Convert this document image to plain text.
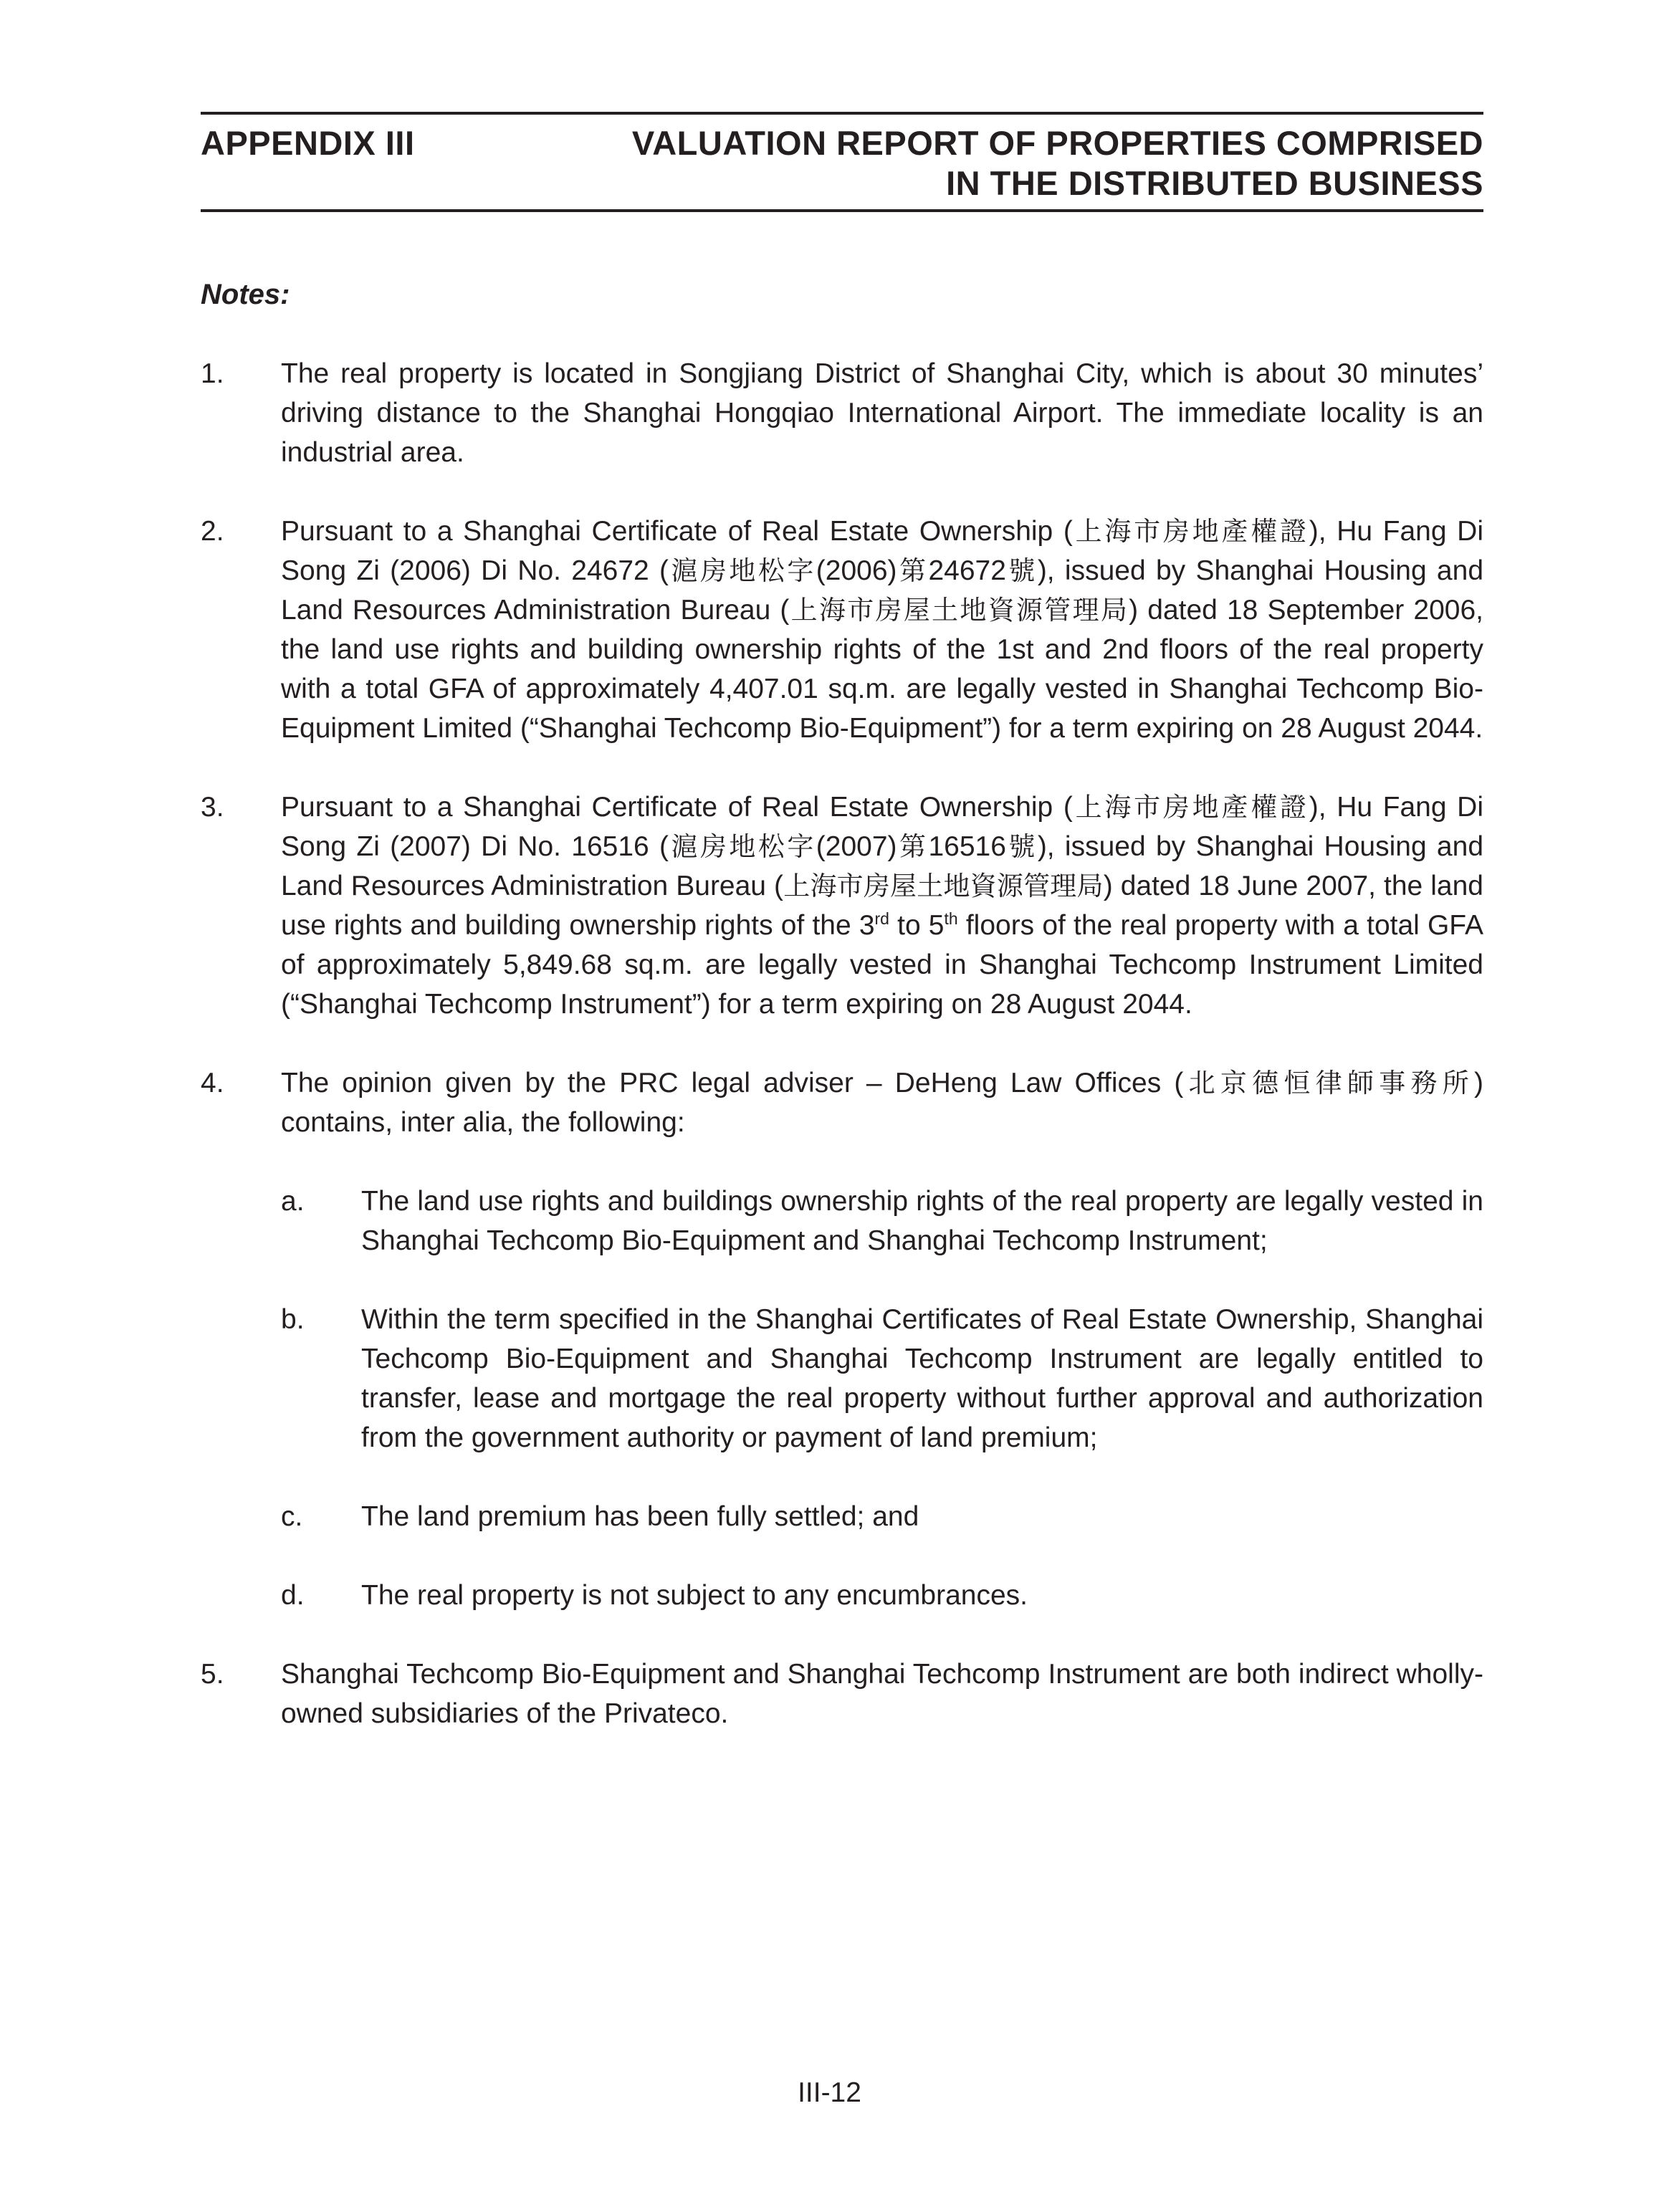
APPENDIX III	VALUATION REPORT OF PROPERTIES COMPRISED
IN THE DISTRIBUTED BUSINESS
Notes:
1.	The real property is located in Songjiang District of Shanghai City, which is about 30 minutes’ driving distance to the Shanghai Hongqiao International Airport. The immediate locality is an industrial area.
2.	Pursuant to a Shanghai Certificate of Real Estate Ownership (上海市房地產權證), Hu Fang Di Song Zi (2006) Di No. 24672 (滬房地松字(2006)第24672號), issued by Shanghai Housing and Land Resources Administration Bureau (上海市房屋土地資源管理局) dated 18 September 2006, the land use rights and building ownership rights of the 1st and 2nd floors of the real property with a total GFA of approximately 4,407.01 sq.m. are legally vested in Shanghai Techcomp Bio-Equipment Limited (“Shanghai Techcomp Bio-Equipment”) for a term expiring on 28 August 2044.
3.	Pursuant to a Shanghai Certificate of Real Estate Ownership (上海市房地產權證), Hu Fang Di Song Zi (2007) Di No. 16516 (滬房地松字(2007)第16516號), issued by Shanghai Housing and Land Resources Administration Bureau (上海市房屋土地資源管理局) dated 18 June 2007, the land use rights and building ownership rights of the 3rd to 5th floors of the real property with a total GFA of approximately 5,849.68 sq.m. are legally vested in Shanghai Techcomp Instrument Limited (“Shanghai Techcomp Instrument”) for a term expiring on 28 August 2044.
4.	The opinion given by the PRC legal adviser – DeHeng Law Offices (北京德恒律師事務所) contains, inter alia, the following:
a.	The land use rights and buildings ownership rights of the real property are legally vested in Shanghai Techcomp Bio-Equipment and Shanghai Techcomp Instrument;
b.	Within the term specified in the Shanghai Certificates of Real Estate Ownership, Shanghai Techcomp Bio-Equipment and Shanghai Techcomp Instrument are legally entitled to transfer, lease and mortgage the real property without further approval and authorization from the government authority or payment of land premium;
c.	The land premium has been fully settled; and
d.	The real property is not subject to any encumbrances.
5.	Shanghai Techcomp Bio-Equipment and Shanghai Techcomp Instrument are both indirect wholly-owned subsidiaries of the Privateco.
III-12
